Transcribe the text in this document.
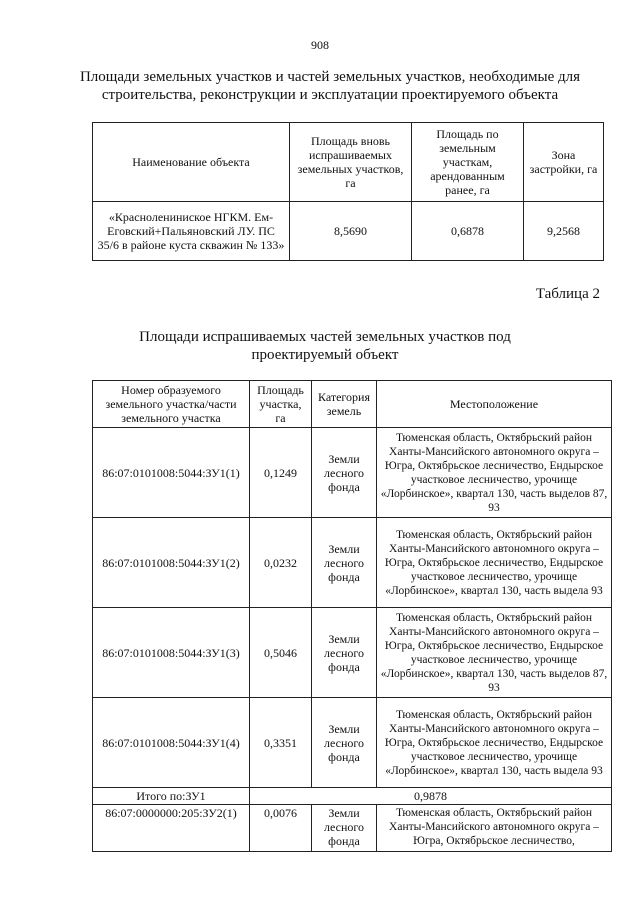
908
Площади земельных участков и частей земельных участков, необходимые для строительства, реконструкции и эксплуатации проектируемого объекта
Наименование объекта	Площадь вновь испрашиваемых земельных участков, га	Площадь по земельным участкам, арендованным ранее, га	Зона застройки, га
«Краснолениниское НГКМ. Ем-Еговский+Пальяновский ЛУ. ПС 35/6 в районе куста скважин № 133»	8,5690	0,6878	9,2568
Таблица 2
Площади испрашиваемых частей земельных участков под проектируемый объект
Номер образуемого земельного участка/части земельного участка	Площадь участка, га	Категория земель	Местоположение
86:07:0101008:5044:ЗУ1(1)	0,1249	Земли лесного фонда	Тюменская область, Октябрьский район Ханты-Мансийского автономного округа – Югра, Октябрьское лесничество, Ендырское участковое лесничество, урочище «Лорбинское», квартал 130, часть выделов 87, 93
86:07:0101008:5044:ЗУ1(2)	0,0232	Земли лесного фонда	Тюменская область, Октябрьский район Ханты-Мансийского автономного округа – Югра, Октябрьское лесничество, Ендырское участковое лесничество, урочище «Лорбинское», квартал 130, часть выдела 93
86:07:0101008:5044:ЗУ1(3)	0,5046	Земли лесного фонда	Тюменская область, Октябрьский район Ханты-Мансийского автономного округа – Югра, Октябрьское лесничество, Ендырское участковое лесничество, урочище «Лорбинское», квартал 130, часть выделов 87, 93
86:07:0101008:5044:ЗУ1(4)	0,3351	Земли лесного фонда	Тюменская область, Октябрьский район Ханты-Мансийского автономного округа – Югра, Октябрьское лесничество, Ендырское участковое лесничество, урочище «Лорбинское», квартал 130, часть выдела 93
Итого по:ЗУ1	0,9878		
86:07:0000000:205:ЗУ2(1)	0,0076	Земли лесного фонда	Тюменская область, Октябрьский район Ханты-Мансийского автономного округа – Югра, Октябрьское лесничество,
